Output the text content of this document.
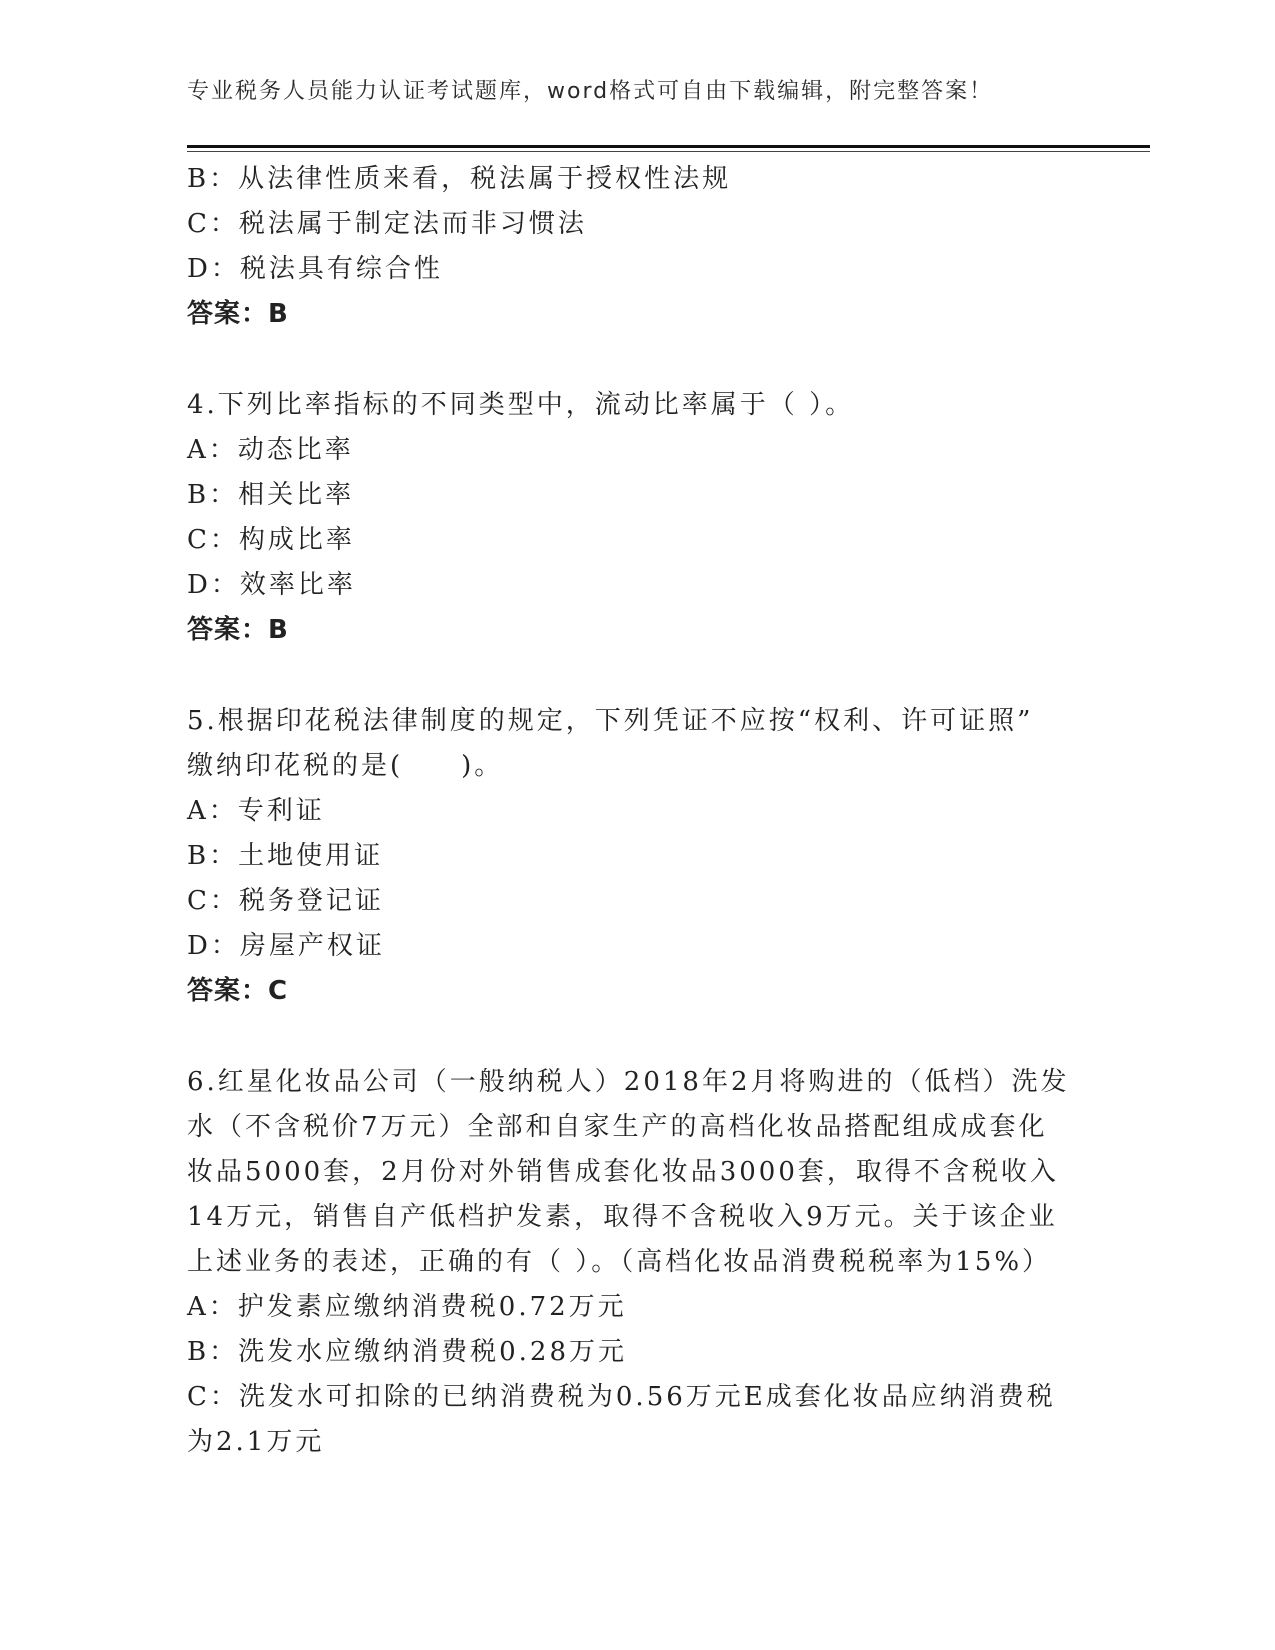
专业税务人员能力认证考试题库，word格式可自由下载编辑，附完整答案！
B：从法律性质来看，税法属于授权性法规
C：税法属于制定法而非习惯法
D：税法具有综合性
答案：B
4.下列比率指标的不同类型中，流动比率属于（ ）。
A：动态比率
B：相关比率
C：构成比率
D：效率比率
答案：B
5.根据印花税法律制度的规定，下列凭证不应按“权利、许可证照”
缴纳印花税的是(　　)。
A：专利证
B：土地使用证
C：税务登记证
D：房屋产权证
答案：C
6.红星化妆品公司（一般纳税人）2018年2月将购进的（低档）洗发
水（不含税价7万元）全部和自家生产的高档化妆品搭配组成成套化
妆品5000套，2月份对外销售成套化妆品3000套，取得不含税收入
14万元，销售自产低档护发素，取得不含税收入9万元。关于该企业
上述业务的表述，正确的有（ ）。（高档化妆品消费税税率为15%）
A：护发素应缴纳消费税0.72万元
B：洗发水应缴纳消费税0.28万元
C：洗发水可扣除的已纳消费税为0.56万元E成套化妆品应纳消费税
为2.1万元
